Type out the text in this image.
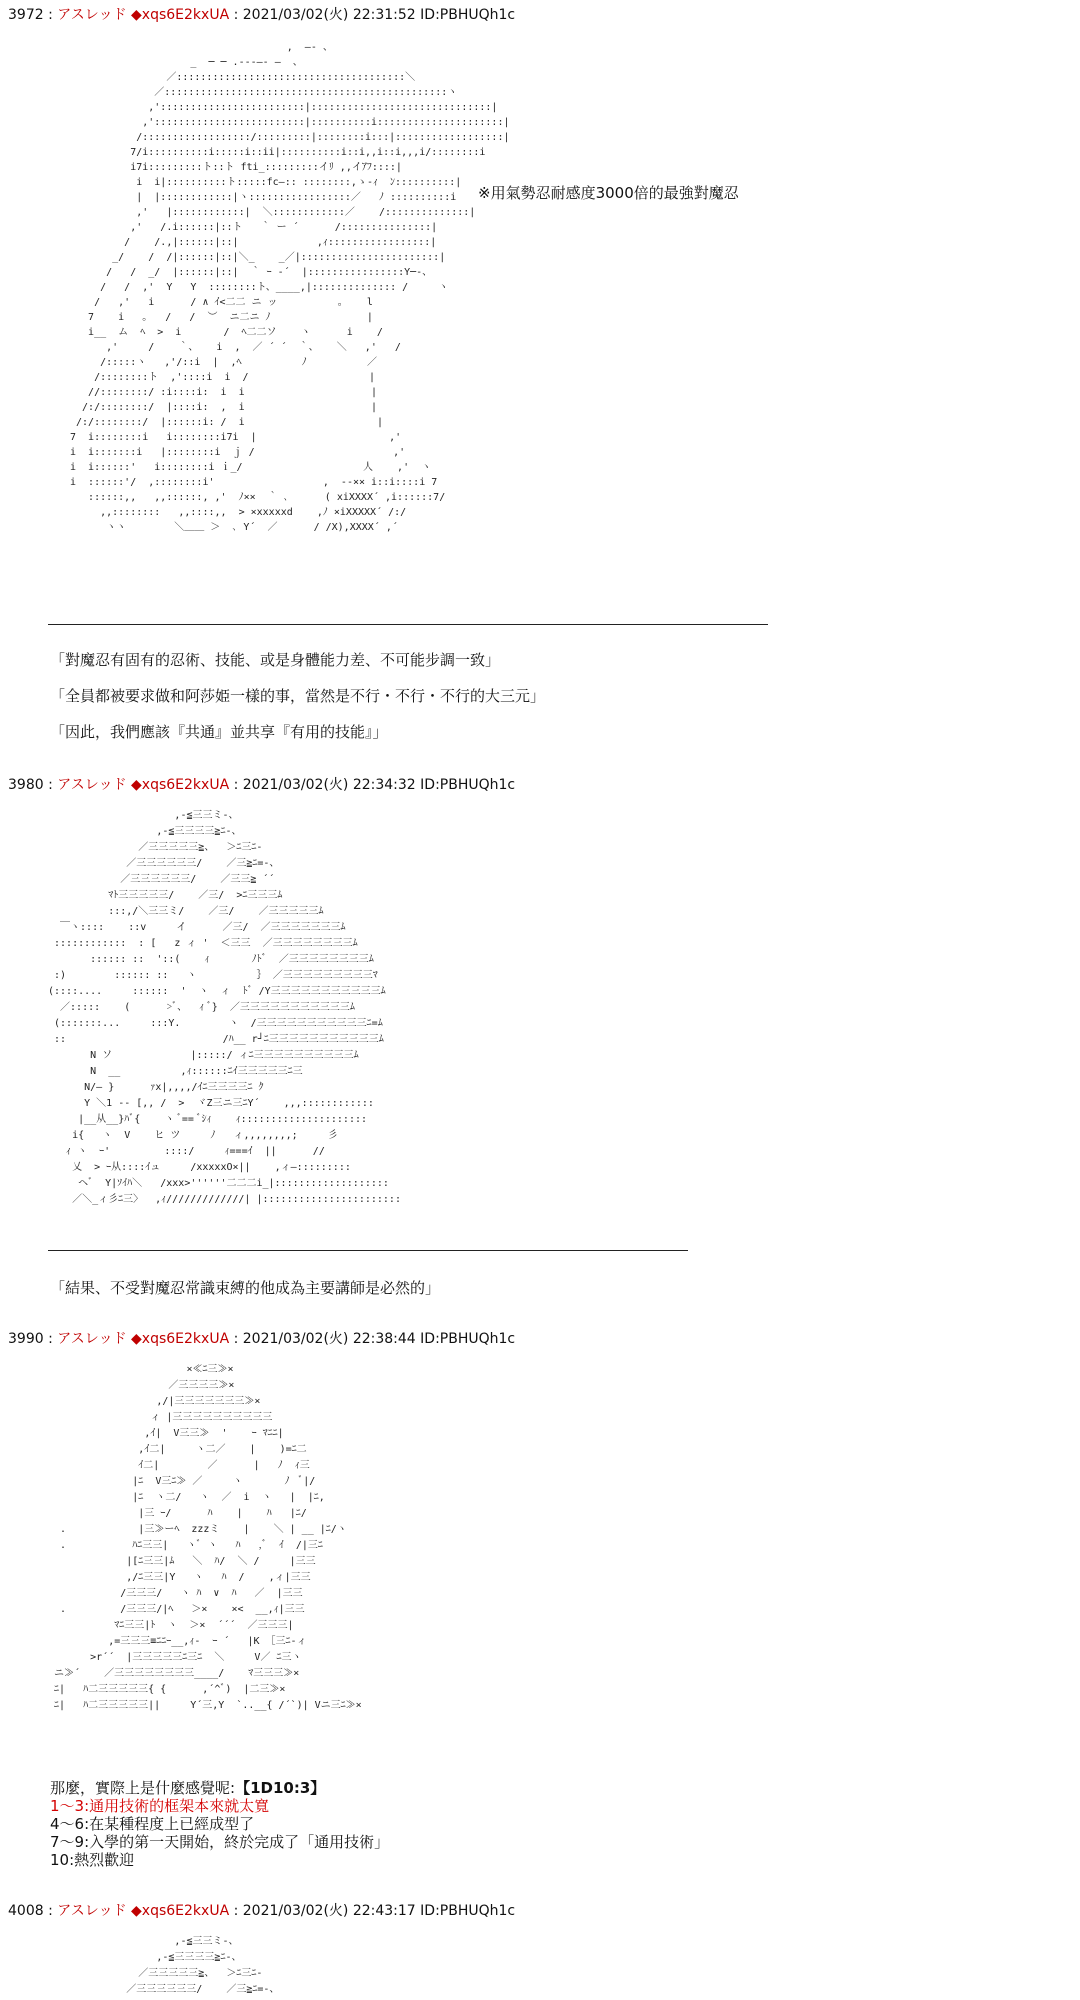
3972 : アスレッド ◆xqs6E2kxUA : 2021/03/02(火) 22:31:52 ID:PBHUQh1c
,  ―- 、
_  ─ ─ .---―‐ ―  、
／::::::::::::::::::::::::::::::::::::::＼
／:::::::::::::::::::::::::::::::::::::::::::::::ヽ
,'::::::::::::::::::::::::|::::::::::::::::::::::::::::::|
,':::::::::::::::::::::::::|::::::::::i:::::::::::::::::::::|
/::::::::::::::::::/:::::::::|::::::::i:::|::::::::::::::::::|
7/i::::::::::i:::::i::ii|::::::::::i::i,,i::i,,,i/::::::::i
i7i:::::::::ト::ト fti_:::::::::イﾘ ,,イｱﾌ::::|
i  i|::::::::::ト:::::fc―:: ::::::::,ゝ-ｨ  ﾝ::::::::::|
|  |::::::::::::|ヽ:::::::::::::::::／   ﾉ ::::::::::i
,'   |::::::::::::|  ＼::::::::::::／    /::::::::::::::|
,'   /.i::::::|::ト   ｀ ー ´      /:::::::::::::::|
/    /.,|::::::|::|             ,ｨ:::::::::::::::::|
_/    /  /|::::::|::|＼_    _／|:::::::::::::::::::::::|
/   /  _/  |::::::|::|  ｀ ｰ ‐´  |::::::::::::::::Y─-、
/   /  ,'  Y   Y  ::::::::ト、____,|:::::::::::::: /     ヽ
/   ,'   i      / ∧ ｲ<二二 ニ ッ          ｡    l
7    i   ｡   /   /  ︶  ニ二ニ ﾉ                |
i__  ム  ﾍ  >  i       /  ﾍ二二ソ    ヽ      i    /
,'     /    ｀、   i  ,  ／ ´ ´  ｀、   ＼   ,'   /
/:::::ヽ   ,'/::i  |  ,ﾍ          ﾉ          ／
/::::::::ト  ,'::::i  i  /                    |
//::::::::/ :i::::i:  i  i                     |
/:/::::::::/  |::::i:  ,  i                     |
/:/::::::::/  |::::::i: /  i                      |
7  i::::::::i   i::::::::i7i  |                      ,'
i  i:::::::i   |::::::::i  ｊ /                       ,'
i  i::::::'   i::::::::i ｉ_/                    人    ,'  ヽ
i  ::::::'/  ,::::::::i'                  ,  -‐×× i::i::::i 7
::::::,,   ,,::::::, ,'  ﾉ××  ｀ ､      ( xiXXXX´ ,i::::::7/
,,::::::::   ,,::::,,  > ×xxxxxd    ,ﾉ ×iXXXXX´ /:/
ヽヽ        ＼＿＿ ＞  ､ Y´  ／      / /X),XXXX´ ,´
※用氣勢忍耐感度3000倍的最強對魔忍
「對魔忍有固有的忍術、技能、或是身體能力差、不可能步調一致」
「全員都被要求做和阿莎姫一樣的事，當然是不行・不行・不行的大三元」
「因此，我們應該『共通』並共享『有用的技能』」
3980 : アスレッド ◆xqs6E2kxUA : 2021/03/02(火) 22:34:32 ID:PBHUQh1c
,-≦三三ミ-、
,-≦三三三三≧ﾆ-、
／三三三三三≧、  ＞ﾆ三ﾆ-
／三三三三三三/    ／三≧ﾆ=-、
／三三三三三三/    ／三三≧ ´´
ﾏﾄ三三三三三/    ／三/  >ﾆ三三三ﾑ
:::,/＼三三ミ/    ／三/    ／三三三三三ﾑ
￣ヽ::::    ::v     イ      ／三/  ／三三三三三三三ﾑ
::::::::::::  : [   z ィ '  ＜三三  ／三三三三三三三三ﾑ
:::::: ::  '::(    ｨ       ﾉﾄﾞ  ／三三三三三三三三ﾑ
:)        :::::: ::   ヽ          ｝ ／三三三三三三三三三ﾏ
(::::....     ::::::  '  ヽ  ィ  ﾄﾞ /Y三三三三三三三三三三三ﾑ
／:::::    (      >ﾞ、  ｨ ﾞ}  ／三三三三三三三三三三三ﾑ
(:::::::...     :::Y.        ヽ  /三三三三三三三三三三三ﾆ=ﾑ
::                          /ﾊ__ r┘ﾆ三三三三三三三三三三三ﾑ
N ソ             |:::::/ ィﾆ三三三三三三三三三三ﾑ
N  __          ,ｨ::::::ﾆｲ三三三三三ﾆ三
N/― }      ｧx|,,,,/ｲﾆ三三三三ﾆ ｸ
Y ＼1 -- [,, /  >  ヾZ三ニ三ﾆY´    ,,,::::::::::::
|__从__}ﾊﾞ{    ヽ ﾞ== ﾞｼｨ    ｨ:::::::::::::::::::::
i{   ヽ  V    ヒ ツ     ﾉ   ィ,,,,,,,,;     彡
ｨ ヽ  ｰ'         ::::/     ｨ===ｲ  ||      //
乂  > ｰ从::::ｲュ     /xxxxxO×||    ,ィ―:::::::::
ヘﾞ  Y|ｿｲﾊ＼   /xxx>''''''二二二i_|:::::::::::::::::::
／＼_ィ彡ﾆ三〉  ,ｨ/////////////| |:::::::::::::::::::::::
「結果、不受對魔忍常識束縛的他成為主要講師是必然的」
3990 : アスレッド ◆xqs6E2kxUA : 2021/03/02(火) 22:38:44 ID:PBHUQh1c
×≪ﾆ三≫×
／三三三三≫×
,/|三三三三三三三≫×
ィ |三三三三三三三三三三
,ｲ|  V三三≫  '    ｰ ﾏﾆﾆ|
,ｲ二|     ヽ二／    |    )=ﾆ二
ｲ二|        ／      |   ﾉ  ｨ三
|ﾆ  V三ﾆ≫ ／     ヽ       ﾉ  ﾞ|/
|ﾆ  ヽ二/   ヽ  ／  i  ヽ   |  |ﾆ,
|三 ｰ/      ﾊ    |    ﾊ   |ﾆ/
.            |三≫ーﾍ  zzzミ    |    ＼ | __ |ﾆ/ヽ
.           ﾊﾆ三三|   ヽﾞ ヽ   ﾊ   ,ﾞ  ｲ  /|三ﾆ
|[ﾆ三三|ﾑ   ＼  ﾊ/  ＼ /     |三三
,/ﾆ三三|Y   ヽ   ﾊ  /    ,ィ|三三
/三三三/   ヽ ﾊ  ∨  ﾊ   ／  |三三
.         /三三三/|ﾍ   ＞×    ×<  __,ｨ|三三
ﾏﾆ三三|ﾄ  ヽ  ＞×  ´´´  ／三三三|
,=三三三≡ﾆﾆｰ__,ｨ‐  ｰ ´   |K ［三ﾆ-ィ
>r´´  |三三三三三ﾆ三ﾆ  ＼     V／ ﾆ三ヽ
ニ≫´    ／三三三三三三三三____/    ﾏ三三三≫×
ﾆ|   ﾊ二三三三三三{ {      ,´^ﾞ)  |二三≫×
ﾆ|   ﾊ二三三三三三||     Y´三,Y  `..__{ /´`)| Vニ三ﾆ≫×
那麼，實際上是什麼感覺呢:【1D10:3】
1～3:通用技術的框架本來就太寬
4～6:在某種程度上已經成型了
7～9:入學的第一天開始，終於完成了「通用技術」
10:熱烈歡迎
4008 : アスレッド ◆xqs6E2kxUA : 2021/03/02(火) 22:43:17 ID:PBHUQh1c
,-≦三三ミ-、
,-≦三三三三≧ﾆ-、
／三三三三三≧、  ＞ﾆ三ﾆ-
／三三三三三三/    ／三≧ﾆ=-、
